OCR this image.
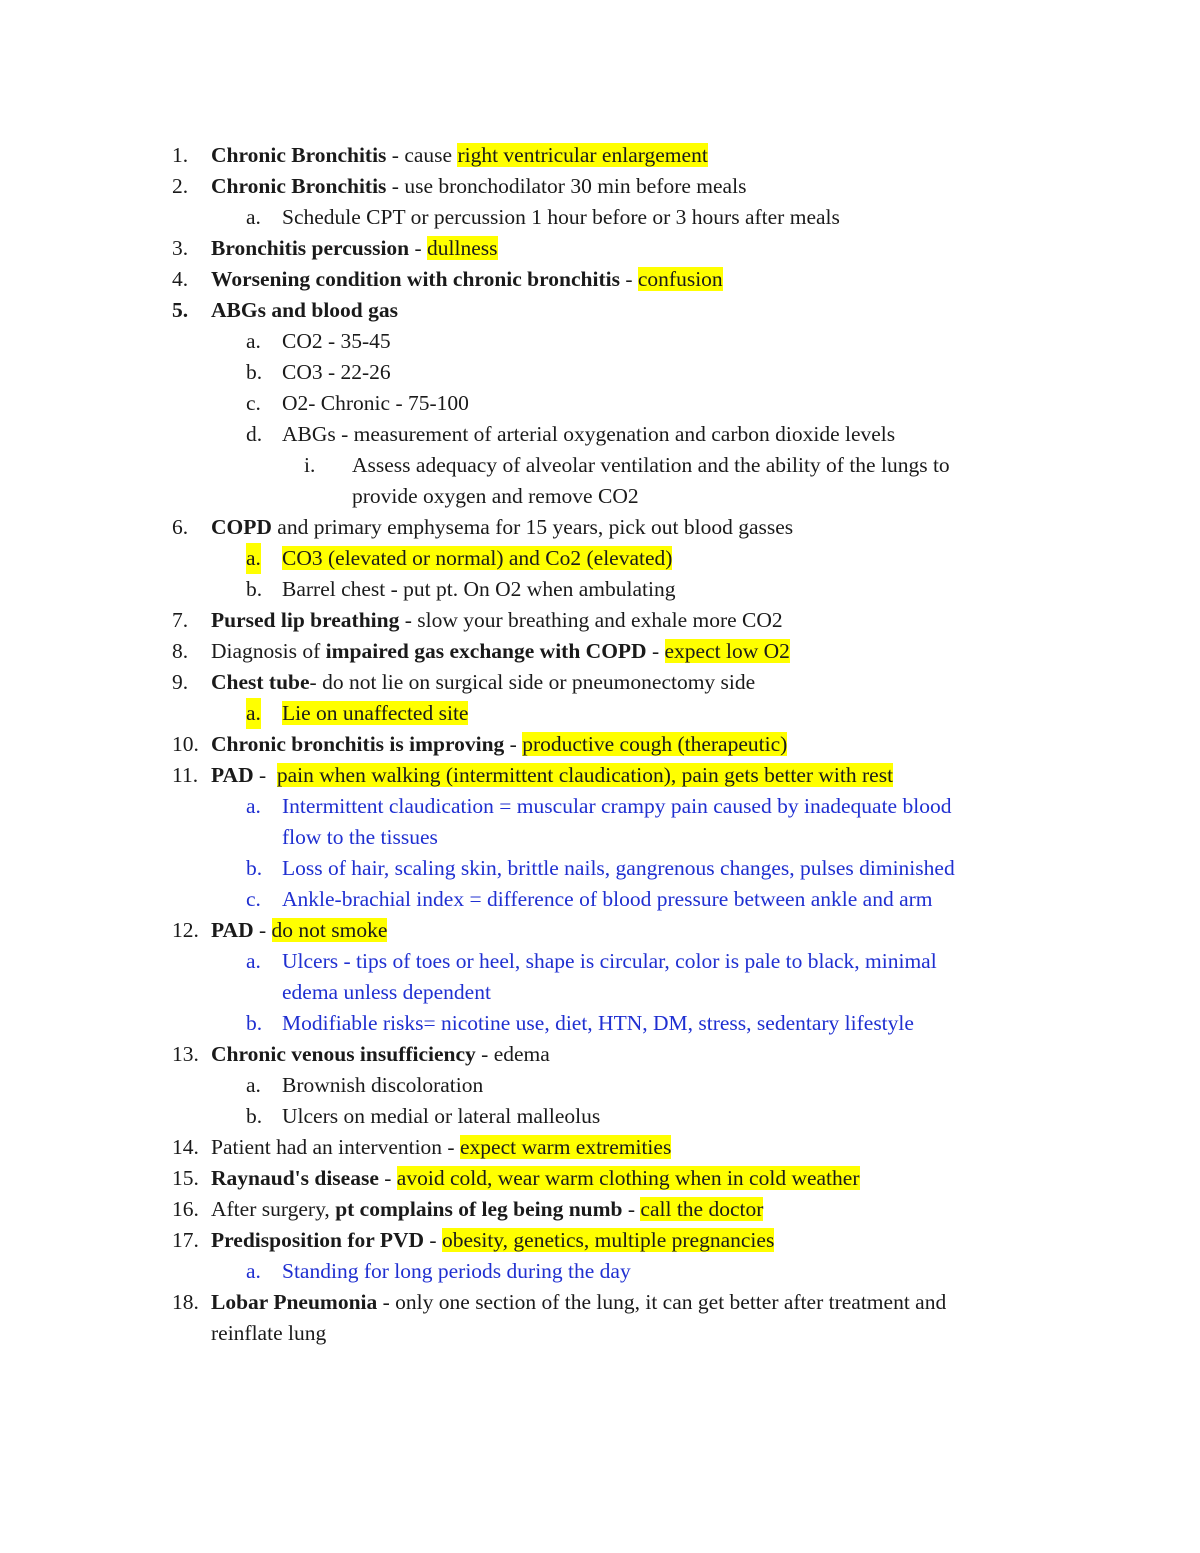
1. Chronic Bronchitis - cause right ventricular enlargement
2. Chronic Bronchitis - use bronchodilator 30 min before meals
a. Schedule CPT or percussion 1 hour before or 3 hours after meals
3. Bronchitis percussion - dullness
4. Worsening condition with chronic bronchitis - confusion
5. ABGs and blood gas
a. CO2 - 35-45
b. CO3 - 22-26
c. O2- Chronic - 75-100
d. ABGs - measurement of arterial oxygenation and carbon dioxide levels
i. Assess adequacy of alveolar ventilation and the ability of the lungs to
provide oxygen and remove CO2
6. COPD and primary emphysema for 15 years, pick out blood gasses
a. CO3 (elevated or normal) and Co2 (elevated)
b. Barrel chest - put pt. On O2 when ambulating
7. Pursed lip breathing - slow your breathing and exhale more CO2
8. Diagnosis of impaired gas exchange with COPD - expect low O2
9. Chest tube- do not lie on surgical side or pneumonectomy side
a. Lie on unaffected site
10. Chronic bronchitis is improving - productive cough (therapeutic)
11. PAD -  pain when walking (intermittent claudication), pain gets better with rest
a. Intermittent claudication = muscular crampy pain caused by inadequate blood
flow to the tissues
b. Loss of hair, scaling skin, brittle nails, gangrenous changes, pulses diminished
c. Ankle-brachial index = difference of blood pressure between ankle and arm
12. PAD - do not smoke
a. Ulcers - tips of toes or heel, shape is circular, color is pale to black, minimal
edema unless dependent
b. Modifiable risks= nicotine use, diet, HTN, DM, stress, sedentary lifestyle
13. Chronic venous insufficiency - edema
a. Brownish discoloration
b. Ulcers on medial or lateral malleolus
14. Patient had an intervention - expect warm extremities
15. Raynaud's disease - avoid cold, wear warm clothing when in cold weather
16. After surgery, pt complains of leg being numb - call the doctor
17. Predisposition for PVD - obesity, genetics, multiple pregnancies
a. Standing for long periods during the day
18. Lobar Pneumonia - only one section of the lung, it can get better after treatment and
reinflate lung
